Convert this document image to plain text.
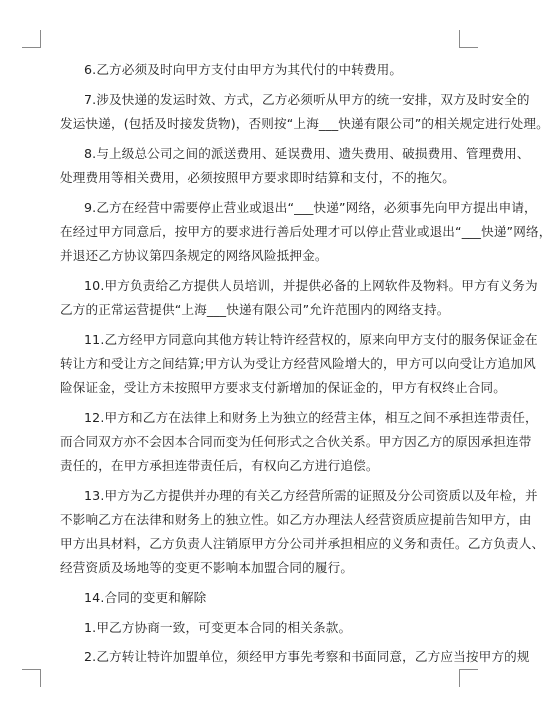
6.乙方必须及时向甲方支付由甲方为其代付的中转费用。

7.涉及快递的发运时效、方式，乙方必须听从甲方的统一安排，双方及时安全的
发运快递，(包括及时接发货物)，否则按“上海___快递有限公司”的相关规定进行处理。

8.与上级总公司之间的派送费用、延误费用、遗失费用、破损费用、管理费用、
处理费用等相关费用，必须按照甲方要求即时结算和支付，不的拖欠。

9.乙方在经营中需要停止营业或退出“___快递”网络，必须事先向甲方提出申请，
在经过甲方同意后，按甲方的要求进行善后处理才可以停止营业或退出“___快递”网络，
并退还乙方协议第四条规定的网络风险抵押金。

10.甲方负责给乙方提供人员培训，并提供必备的上网软件及物料。甲方有义务为
乙方的正常运营提供“上海___快递有限公司”允许范围内的网络支持。

11.乙方经甲方同意向其他方转让特许经营权的，原来向甲方支付的服务保证金在
转让方和受让方之间结算;甲方认为受让方经营风险增大的，甲方可以向受让方追加风
险保证金，受让方未按照甲方要求支付新增加的保证金的，甲方有权终止合同。

12.甲方和乙方在法律上和财务上为独立的经营主体，相互之间不承担连带责任，
而合同双方亦不会因本合同而变为任何形式之合伙关系。甲方因乙方的原因承担连带
责任的，在甲方承担连带责任后，有权向乙方进行追偿。

13.甲方为乙方提供并办理的有关乙方经营所需的证照及分公司资质以及年检，并
不影响乙方在法律和财务上的独立性。如乙方办理法人经营资质应提前告知甲方，由
甲方出具材料，乙方负责人注销原甲方分公司并承担相应的义务和责任。乙方负责人、
经营资质及场地等的变更不影响本加盟合同的履行。

14.合同的变更和解除

1.甲乙方协商一致，可变更本合同的相关条款。

2.乙方转让特许加盟单位，须经甲方事先考察和书面同意，乙方应当按甲方的规
